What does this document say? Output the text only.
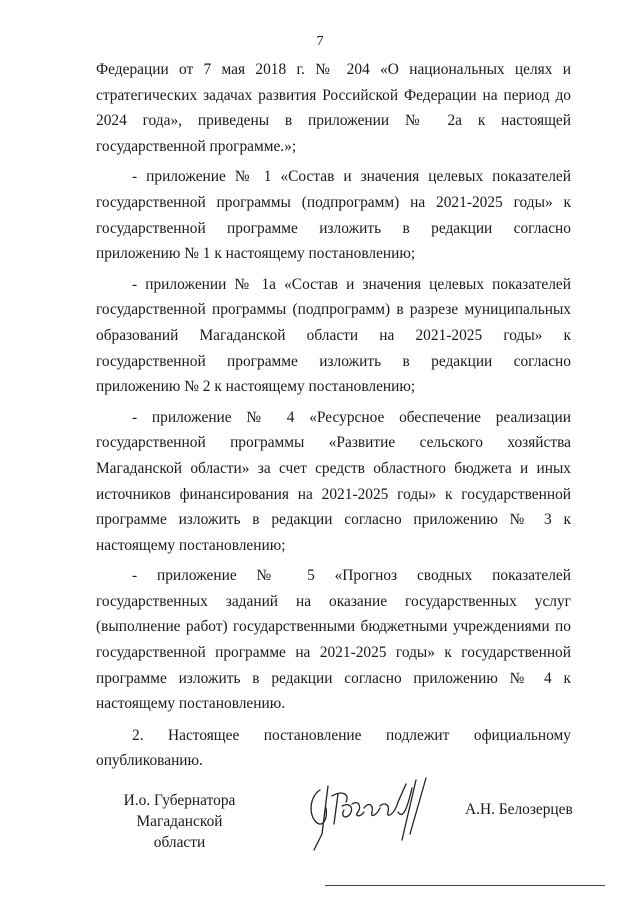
7

Федерации от 7 мая 2018 г. № 204 «О национальных целях и стратегических задачах развития Российской Федерации на период до 2024 года», приведены в приложении № 2а к настоящей государственной программе.»;

- приложение № 1 «Состав и значения целевых показателей государственной программы (подпрограмм) на 2021-2025 годы» к государственной программе изложить в редакции согласно приложению № 1 к настоящему постановлению;

- приложении № 1а «Состав и значения целевых показателей государственной программы (подпрограмм) в разрезе муниципальных образований Магаданской области на 2021-2025 годы» к государственной программе изложить в редакции согласно приложению № 2 к настоящему постановлению;

- приложение № 4 «Ресурсное обеспечение реализации государственной программы «Развитие сельского хозяйства Магаданской области» за счет средств областного бюджета и иных источников финансирования на 2021-2025 годы» к государственной программе изложить в редакции согласно приложению № 3 к настоящему постановлению;

- приложение № 5 «Прогноз сводных показателей государственных заданий на оказание государственных услуг (выполнение работ) государственными бюджетными учреждениями по государственной программе на 2021-2025 годы» к государственной программе изложить в редакции согласно приложению № 4 к настоящему постановлению.

2. Настоящее постановление подлежит официальному опубликованию.

И.о. Губернатора
Магаданской области
А.Н. Белозерцев
